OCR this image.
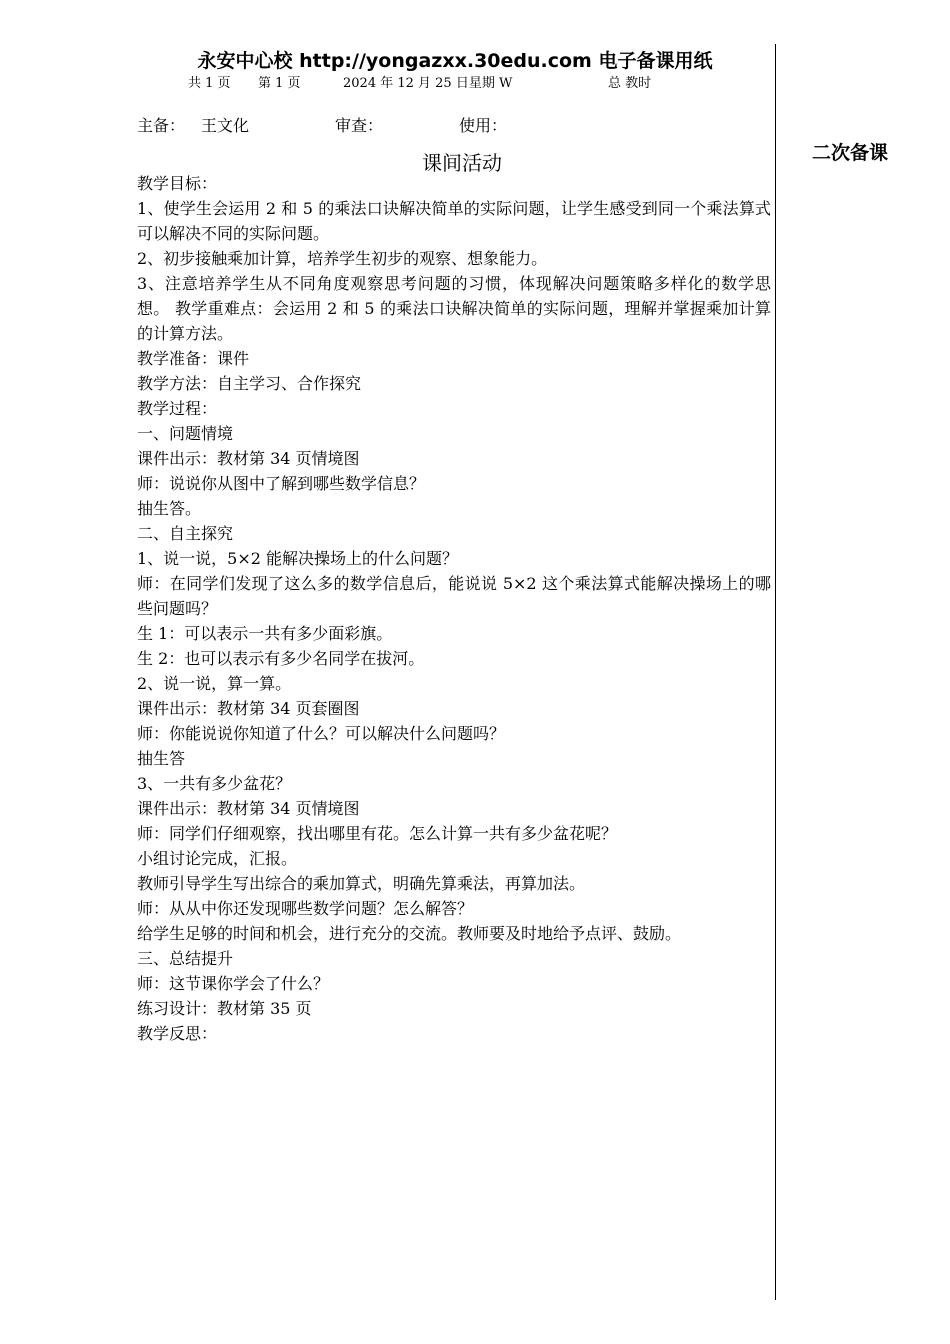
永安中心校 http://yongazxx.30edu.com 电子备课用纸
共 1 页 第 1 页	2024 年 12 月 25 日星期 W	总 教时
主备： 王文化	审查：	使用：
二次备课
课间活动

教学目标：

1、使学生会运用 2 和 5 的乘法口诀解决简单的实际问题，让学生感受到同一个乘法算式可以解决不同的实际问题。

2、初步接触乘加计算，培养学生初步的观察、想象能力。

3、注意培养学生从不同角度观察思考问题的习惯，体现解决问题策略多样化的数学思想。 教学重难点：会运用 2 和 5 的乘法口诀解决简单的实际问题，理解并掌握乘加计算的计算方法。

教学准备：课件

教学方法：自主学习、合作探究

教学过程：

一、问题情境

课件出示：教材第 34 页情境图

师：说说你从图中了解到哪些数学信息？

抽生答。

二、自主探究

1、说一说，5×2 能解决操场上的什么问题？

师：在同学们发现了这么多的数学信息后，能说说 5×2 这个乘法算式能解决操场上的哪些问题吗？

生 1：可以表示一共有多少面彩旗。

生 2：也可以表示有多少名同学在拔河。

2、说一说，算一算。

课件出示：教材第 34 页套圈图

师：你能说说你知道了什么？可以解决什么问题吗？

抽生答

3、一共有多少盆花？

课件出示：教材第 34 页情境图

师：同学们仔细观察，找出哪里有花。怎么计算一共有多少盆花呢？

小组讨论完成，汇报。

教师引导学生写出综合的乘加算式，明确先算乘法，再算加法。

师：从从中你还发现哪些数学问题？怎么解答？

给学生足够的时间和机会，进行充分的交流。教师要及时地给予点评、鼓励。

三、总结提升

师：这节课你学会了什么？

练习设计：教材第 35 页

教学反思：
